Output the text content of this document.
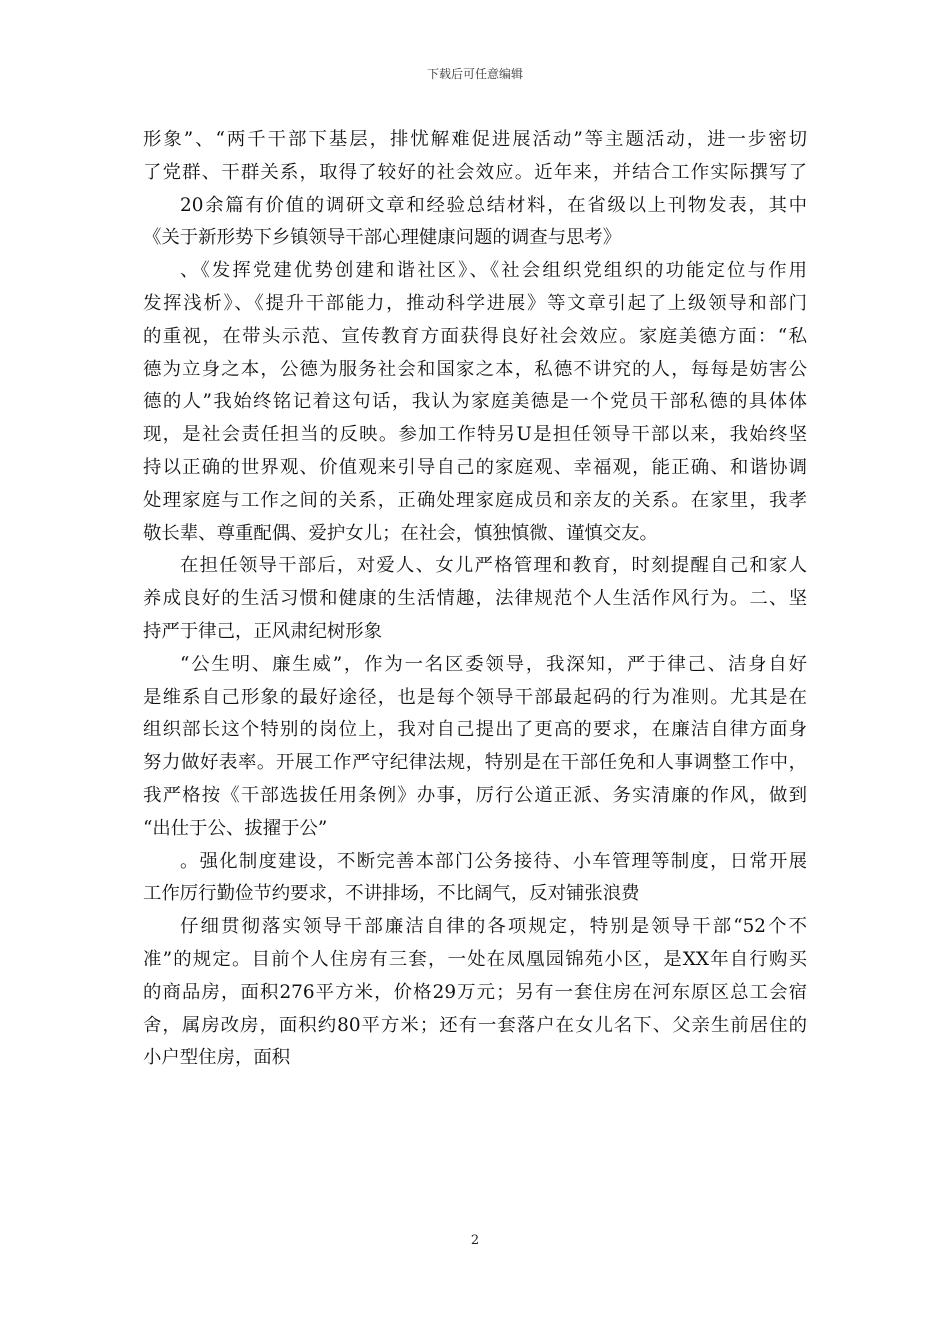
下载后可任意编辑
形象”、“两千干部下基层，排忧解难促进展活动”等主题活动，进一步密切
了党群、干群关系，取得了较好的社会效应。近年来，并结合工作实际撰写了
20余篇有价值的调研文章和经验总结材料，在省级以上刊物发表，其中
《关于新形势下乡镇领导干部心理健康问题的调查与思考》
、《发挥党建优势创建和谐社区》、《社会组织党组织的功能定位与作用
发挥浅析》、《提升干部能力，推动科学进展》等文章引起了上级领导和部门
的重视，在带头示范、宣传教育方面获得良好社会效应。家庭美德方面：“私
德为立身之本，公德为服务社会和国家之本，私德不讲究的人，每每是妨害公
德的人”我始终铭记着这句话，我认为家庭美德是一个党员干部私德的具体体
现，是社会责任担当的反映。参加工作特另U是担任领导干部以来，我始终坚
持以正确的世界观、价值观来引导自己的家庭观、幸福观，能正确、和谐协调
处理家庭与工作之间的关系，正确处理家庭成员和亲友的关系。在家里，我孝
敬长辈、尊重配偶、爱护女儿；在社会，慎独慎微、谨慎交友。
在担任领导干部后，对爱人、女儿严格管理和教育，时刻提醒自己和家人
养成良好的生活习惯和健康的生活情趣，法律规范个人生活作风行为。二、坚
持严于律己，正风肃纪树形象
“公生明、廉生威”，作为一名区委领导，我深知，严于律己、洁身自好
是维系自己形象的最好途径，也是每个领导干部最起码的行为准则。尤其是在
组织部长这个特别的岗位上，我对自己提出了更高的要求，在廉洁自律方面身
努力做好表率。开展工作严守纪律法规，特别是在干部任免和人事调整工作中，
我严格按《干部选拔任用条例》办事，厉行公道正派、务实清廉的作风，做到
“出仕于公、拔擢于公”
。强化制度建设，不断完善本部门公务接待、小车管理等制度，日常开展
工作厉行勤俭节约要求，不讲排场，不比阔气，反对铺张浪费
仔细贯彻落实领导干部廉洁自律的各项规定，特别是领导干部“52个不
准”的规定。目前个人住房有三套，一处在凤凰园锦苑小区，是XX年自行购买
的商品房，面积276平方米，价格29万元；另有一套住房在河东原区总工会宿
舍，属房改房，面积约80平方米；还有一套落户在女儿名下、父亲生前居住的
小户型住房，面积
2
